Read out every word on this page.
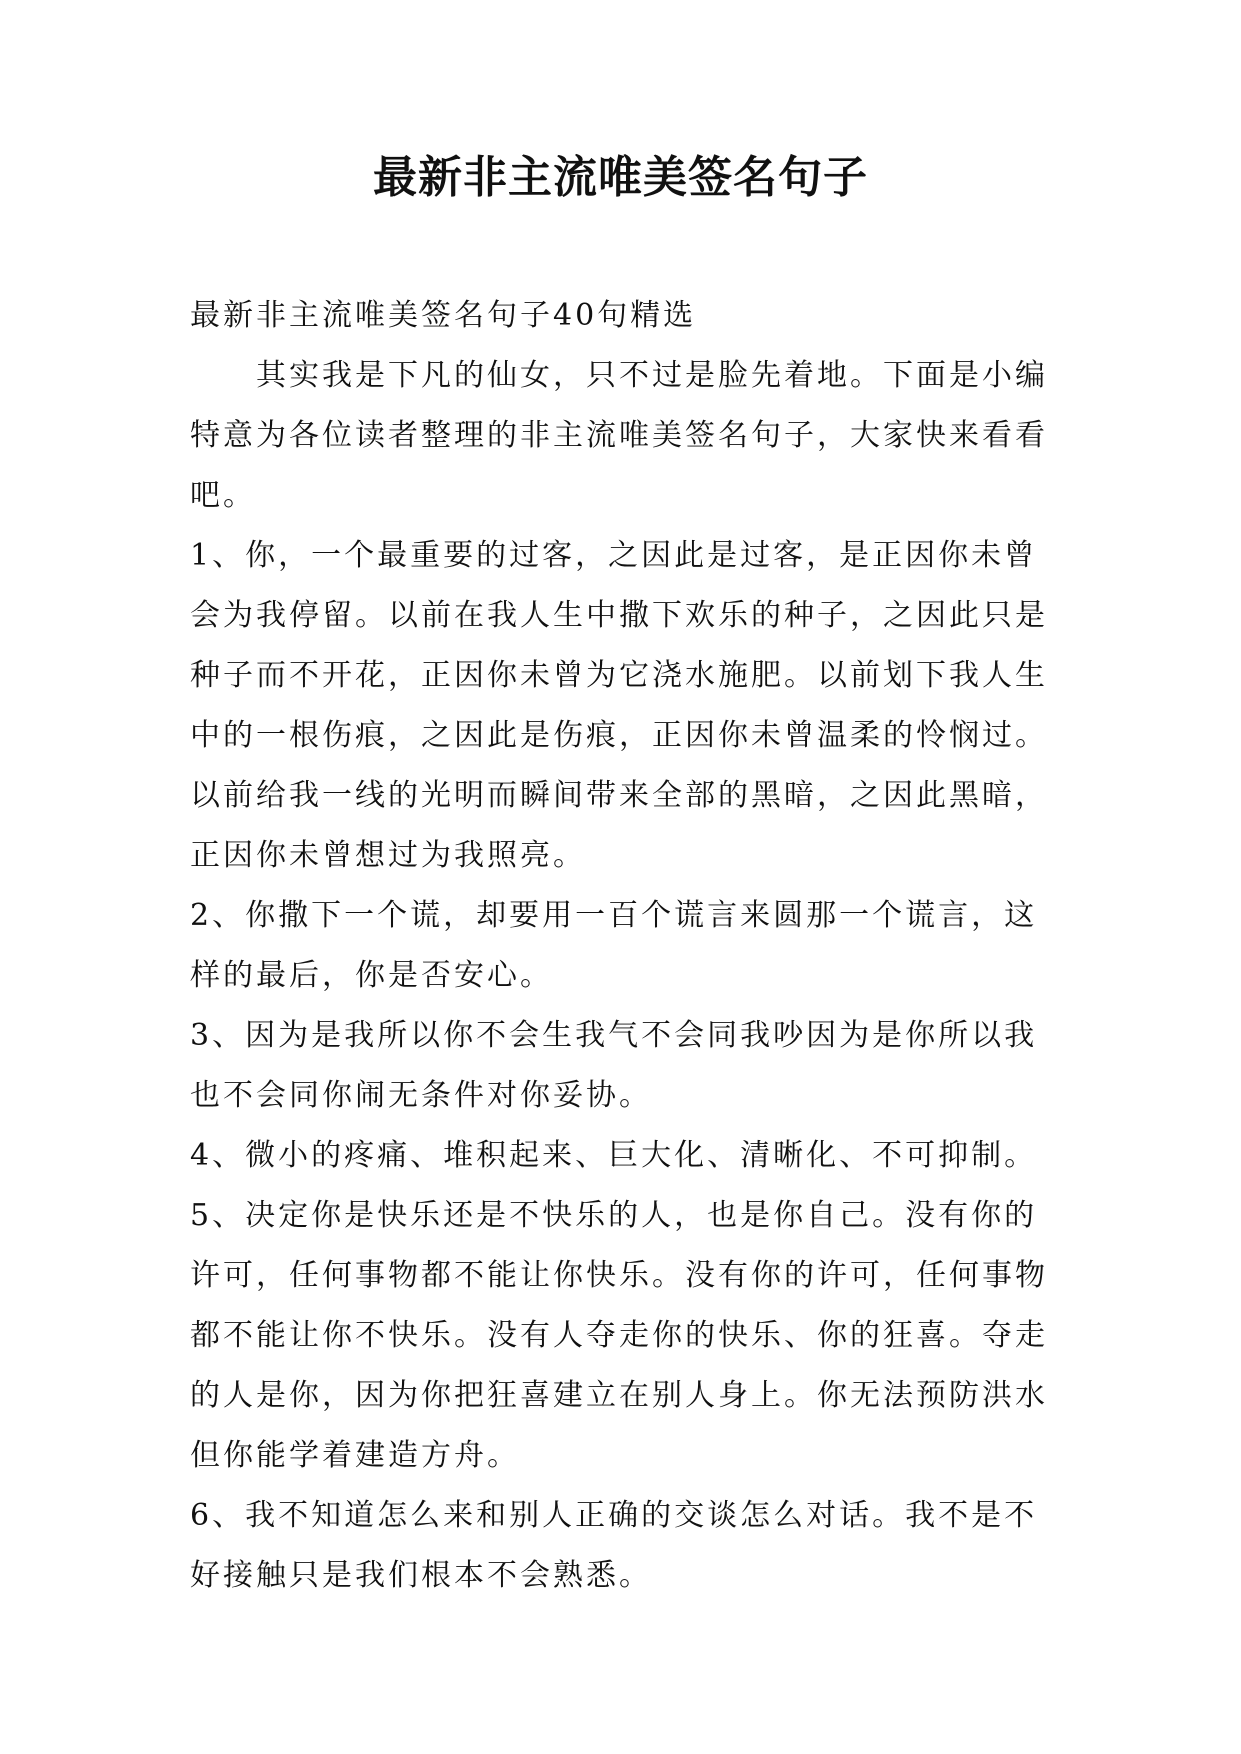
最新非主流唯美签名句子

最新非主流唯美签名句子40句精选

其实我是下凡的仙女，只不过是脸先着地。下面是小编特意为各位读者整理的非主流唯美签名句子，大家快来看看吧。

1、你，一个最重要的过客，之因此是过客，是正因你未曾会为我停留。以前在我人生中撒下欢乐的种子，之因此只是种子而不开花，正因你未曾为它浇水施肥。以前划下我人生中的一根伤痕，之因此是伤痕，正因你未曾温柔的怜悯过。以前给我一线的光明而瞬间带来全部的黑暗，之因此黑暗，正因你未曾想过为我照亮。

2、你撒下一个谎，却要用一百个谎言来圆那一个谎言，这样的最后，你是否安心。

3、因为是我所以你不会生我气不会同我吵因为是你所以我也不会同你闹无条件对你妥协。

4、微小的疼痛、堆积起来、巨大化、清晰化、不可抑制。

5、决定你是快乐还是不快乐的人，也是你自己。没有你的许可，任何事物都不能让你快乐。没有你的许可，任何事物都不能让你不快乐。没有人夺走你的快乐、你的狂喜。夺走的人是你，因为你把狂喜建立在别人身上。你无法预防洪水但你能学着建造方舟。

6、我不知道怎么来和别人正确的交谈怎么对话。我不是不好接触只是我们根本不会熟悉。
